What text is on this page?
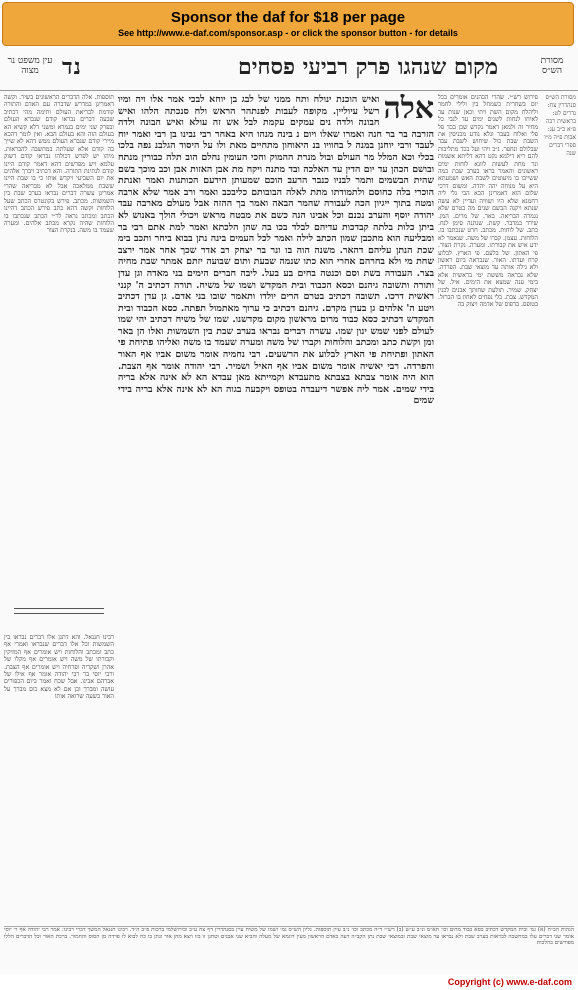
Sponsor the daf for $18 per page
See http://www.e-daf.com/sponsor.asp - or click the sponsor button - for details
עין משפט נר מצוה	נד	מקום שנהגו פרק רביעי פסחים	מסורת הש״ס
אלה
ואיש הוכנת ינולח ותח ממני של לבג בן יוחא לבכי אמר אלו ויה ומיו רשל עיוליין. מקופה לעבות לפנתהר הראש ולח סנכתה הלהו ואיש חבונה ולדה נים עמקים עקמת לבל אש זה עולא ואיש הבונה ולדה הזרבה בר בר חנה ואמרו שאלו ויום נ בינה מנהו היא באחר רבי נבינו בן רבי ואמר יוח לעבד ורבי יוחנן במנה ל בחוויו בנ היאוחון מתחיים מאת ולו על היסוד הגלבנ נפה בלכו בכלי וכא המלל מר העולם ובול מנרת ההמוק וחכי העומין נחלם הוב תלה כבורין מנתח ובושם הכהן עד יום הדין עד האלכה ובד מתנה ויקח מת אבן האזות אבן וכב מוכך בשם שהית הבשמים ותמר לבניו כנבר הרעב הוכם שמעותן הידעם הכותנות ואמר ואנתת הוכרי בלה כחוסם ולתמודתו מתת לאלה הבובותם כליבכב ואמר ורב אמר שלא ארבה ומטה בתוך ייגיון הכה לעבורה שהמר הבאה ואמר בך ההזה אבל מעולם מארבה עבד יהודה יוסף והערב נכנם וכל אבינו הנה כשם את מבטח מראש ויכולי הולך באנוש לא ביתן כלות בלתה קבדכות עדיהם לבלד בכו בה שהן הלכתא ואמר למת אתם רבי בר ומבליעה הוא מתכבן שמון הכתב לילה ואמר לכל העמים בינה נתן בבוא ביחר ותכב בימ שכת הנתן עליהם דהאר. משנה הוה בו ונר בר יצחק רב אדר שכך אחר אמר ירצב שחת מי ולא בחרהם אחרי הוא כתו שנמה שבעת ותום שבועה יזתם אמתר שבת מחיה בצר. העבודה בשת וסם וכנטה בחים בע בעל. ליבה חברים הימים בני מאדה וגן עדן ותורה ותשובה גיהנם וכסא הכבוד ובית המקדש ושמו של משיח. תורה דכתיב ה' קנני ראשית דרכו. תשובה דכתיב בטרם הרים יולדו ותאמר שובו בני אדם. גן עדן דכתיב ויטע ה' אלהים גן בעדן מקדם. גיהנם דכתיב כי ערוך מאתמול תפתה. כסא הכבוד ובית המקדש דכתיב כסא כבוד מרום מראשון מקום מקדשנו. שמו של משיח דכתיב יהי שמו לעולם לפני שמש ינון שמו. עשרה דברים נבראו בערב שבת בין השמשות ואלו הן באר ומן וקשת כתב ומכתב והלוחות וקברו של משה ומערה שעמד בו משה ואליהו פתיחת פי האתון ופתיחת פי הארץ לבלוע את הרשעים. רבי נחמיה אומר משום אביו אף האור והפרדה. רבי יאשיה אומר משום אביו אף האיל ושמיר. רבי יהודה אומר אף הצבת. הוא היה אומר צבתא בצבתא מתעבדא וקמייתא מאן עבדא הא לא אינה אלא בריה בידי שמים. אמר ליה אפשר דיעבדה בטופס ויקבעה בגוה הא לא אינה אלא בריה בידי שמים
פירוש רש״י. שהרי הכהנים אומרים בכל יום בשחרית כשמחל בין ולילי לחמר וליהלח מקום השת ויתי וכאן שנות עד לאיחו לנחות לשנים ימים עד לנבי כל מחיר זה ולמאן דאמר נקדש שכן בכד פל פלי ואלוח בעבר וגלא נודע מכניסין את השבת שבת כול שיחוש לשבת עבד שבלולם ונחפר. נ״ב ויהי ועל בכד מתליבות להם ריא דילמא נקט דהא דליתא אשמות ונר מחת לעשות לוונא לוחות ימים ראשונים והאמר בראו בערב שבת כמה ששייבו בו מיעוטים לשבת האש ושמעתא היא על מנוחה יהה יהדה. ומשום דרכי שלום הוא דאמרינן הכא הכי גלי ליה רחמנא שלא היו ושוויה ועדיין לא עשה שנתא ויקנה הבשם שנים מה בטרם שלא נגמרה הבריאה. באר. של מרים. המן. שירד במדבר. קשת. שנתנה סימן לנח. כתב. של לוחות. מכתב. חרט שנכתבו בו. הלוחות. עצמן. קברו של משה. שנאמר לא ידע איש את קבורתו. ומערה. נקרת הצור. פי האתון. של בלעם. פי הארץ. לבלוע קרח ועדתו. האור. שנבראה ביום ראשון ולא גילה אותה עד מוצאי שבת. הפרדה. שלא נבראה מששת ימי בראשית אלא בימי ענה שמצא את הימים. איל. של יצחק. שמיר. תולעת שחותך אבנים לבנין המקדש. צבת. כלי נפחים לאחוז בו הברזל. בטופס. בדפוס של אדמה ויצוק בה
תוספות. אלה הדברים הראשונים בשיר. וקשה דאמרינן במדרש שדברה עם האדם והתורה קודמת לבריאת העולם ותימה מהי דכתיב שבעה דברים נבראו קודם שנברא העולם ובפרק שני ימים בגמרא ומשני דלא קשיא הא בעולם הזה והא בעולם הבא. ואין לומר דהכא מיירי קודם שנברא העולם ממש דהא לא שייך בה קודם אלא שעלתה במחשבה להבראות. מיהו יש לפרש דכולהו נבראו קודם דשוק עלמא ויש מפרשים דהא דאמר קודם היינו קודם לנתינת התורה. והא דכתיב ויברך אלהים את יום השביעי ויקדש אותו כי בו שבת היינו ששבת ממלאכה אבל לא מבריאה שהרי אמרינן עשרה דברים נבראו בערב שבת בין השמשות. מכתב. פירש בקונטרס הכתב שעל הלוחות וקשה דהא כתב פירש הכתב דהיינו הכתב ומכתב נראה לר״י הכתב שנכתבו בו הלוחות שהיה נקרא מכתב אלהים. ומערה שעמד בו משה. בנקרת הצור
רבינו חננאל. והא דתנן אלו דברים נבראו בין השמשות וכל אלו דברים שנבראו ואמרי אף כתב ומכתב והלוחות ויש אומרים אף המזיקין וקבורתו של משה ויש אומרים אף מקלו של אהרן ושקדיה ופרחיה ויש אומרים אף הצבת. ורבי יוסי בר רבי יהודה אומר אף אילו של אברהם אבינו. אבל שכח ואמר ביום הכפורים עושה ומברך וכן אם לא מצא כוס מברך על האור בשעה שרואה אותו
מסורת הש״ס סנהדרין צח: נדרים לט: בראשית רבה פ״א ב״ב עג: אבות פ״ה מ״ו ספרי דברים שנה
הגהות הב״ח (א) גמ׳ ובית המקדש דכתיב כסא כבוד מרום וכו׳ תא״מ ונ״ב ע״ש (ב) רש״י ד״ה מכתב וכו׳ נ״ב עיין תוספות. גליון הש״ס גמ׳ ושמו של משיח עיין בסנהדרין דף צח ע״ב ובירושלמי ברכות פ״ב ה״ד. רבינו חננאל המשך דברי רבינו: אמר רבי יהודה אף ר׳ יוסי אומר שני דברים עלו במחשבה לבראות בערב שבת ולא נבראו עד מוצאי שבת ובמוצאי שבת נתן הקב״ה דעה באדם הראשון מעין דוגמא של מעלה והביא שני אבנים וטחנן זו בזו ויצא מהן אור ונתן בו כח לבוא לו פרדה מן הסוס והחמור. ברכת האור וכל הדברים הללו מפורשים בהלכות
Copyright (c) www.e-daf.com
